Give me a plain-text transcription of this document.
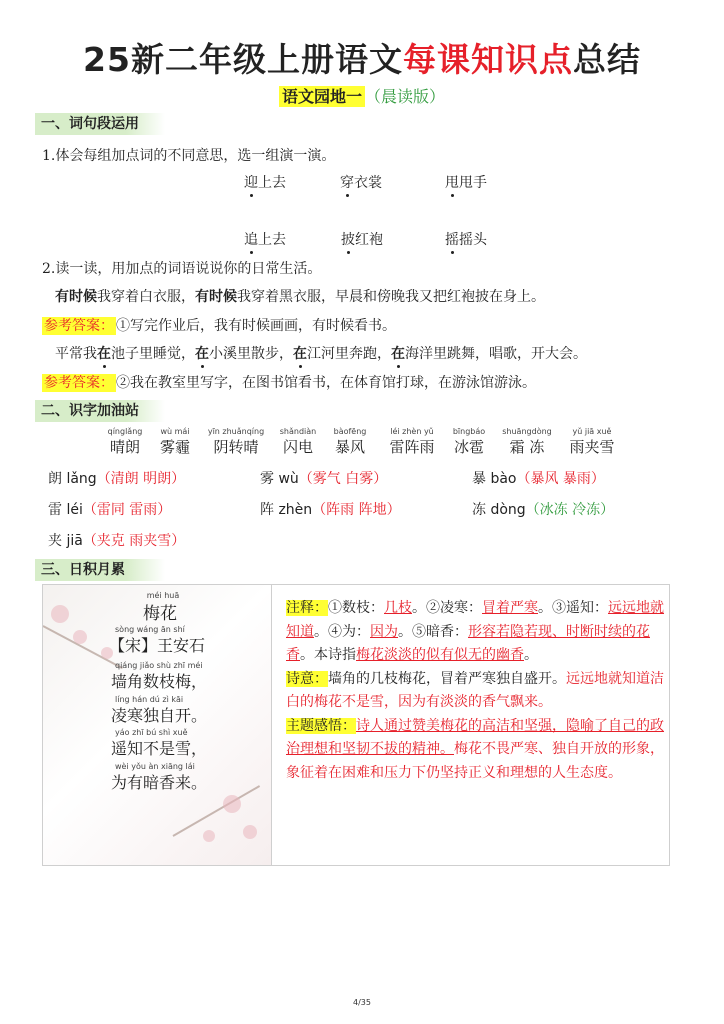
25新二年级上册语文每课知识点总结
语文园地一 （晨读版）
一、词句段运用
1.体会每组加点词的不同意思，选一组演一演。
迎上去	穿衣裳	甩甩手
追上去	披红袍	摇摇头
2.读一读，用加点的词语说说你的日常生活。
有时候我穿着白衣服，有时候我穿着黑衣服，早晨和傍晚我又把红袍披在身上。
参考答案： ①写完作业后，我有时候画画，有时候看书。
平常我在池子里睡觉，在小溪里散步，在江河里奔跑，在海洋里跳舞，唱歌，开大会。
参考答案： ②我在教室里写字，在图书馆看书，在体育馆打球，在游泳馆游泳。
二、识字加油站
qínglǎng
晴朗
wù mái
雾霾
yīn zhuǎnqíng
阴转晴
shǎndiàn
闪电
bàofēng
暴风
léi zhèn yǔ
雷阵雨
bīngbáo
冰雹
shuāngdòng
霜 冻
yǔ jiā xuě
雨夹雪
朗 lǎng（清朗 明朗）	雾 wù（雾气 白雾）	暴 bào（暴风 暴雨）
雷 léi（雷同 雷雨）	阵 zhèn（阵雨 阵地）	冻 dòng（冰冻 冷冻）
夹 jiā（夹克 雨夹雪）
三、日积月累
méi huā
梅花
sòng wáng ān shí
【宋】王安石
qiáng jiǎo shù zhī méi
墙角数枝梅，
líng hán dú zì kāi
凌寒独自开。
yáo zhī bú shì xuě
遥知不是雪，
wèi yǒu àn xiāng lái
为有暗香来。
注释：①数枝：几枝。②凌寒：冒着严寒。③遥知：远远地就知道。④为：因为。⑤暗香：形容若隐若现、时断时续的花香。本诗指梅花淡淡的似有似无的幽香。
诗意：墙角的几枝梅花，冒着严寒独自盛开。远远地就知道洁白的梅花不是雪，因为有淡淡的香气飘来。
主题感悟：诗人通过赞美梅花的高洁和坚强，隐喻了自己的政治理想和坚韧不拔的精神。梅花不畏严寒、独自开放的形象，象征着在困难和压力下仍坚持正义和理想的人生态度。
4/35
